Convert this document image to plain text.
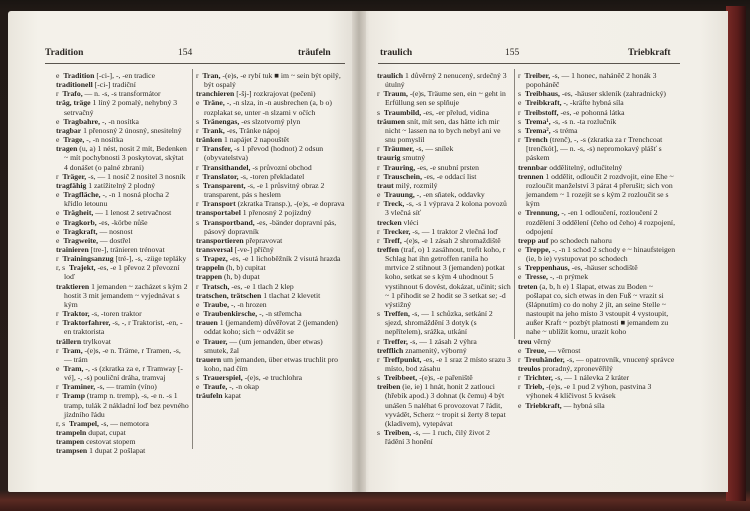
Tradition	154	träufeln

e Tradition [-ci-], -, -en tradice

traditionell [-ci-] tradiční

r Trafo, — n. -s, -s transformátor

träg, träge 1 líný 2 pomalý, nehybný 3 setrvačný

e Tragbahre, -, -n nosítka

tragbar 1 přenosný 2 únosný, snesitelný

e Trage, -, -n nosítka

tragen (u, a) 1 nést, nosit 2 mít, Bedenken ~ mít pochybnosti 3 poskytovat, skýtat 4 donášet (o palné zbrani)

r Träger, -s, — 1 nosič 2 nositel 3 nosník

tragfähig 1 zatížitelný 2 plodný

e Tragfläche, -, -n 1 nosná plocha 2 křídlo letounu

e Trägheit, — 1 lenost 2 setrvačnost

e Tragkorb, -es, -körbe nůše

e Tragkraft, — nosnost

e Tragweite, — dostřel

trainieren [tre-], tränieren trénovat

r Trainingsanzug [tré-], -s, -züge tepláky

r, s Trajekt, -es, -e 1 převoz 2 převozní loď

traktieren 1 jemanden ~ zacházet s kým 2 hostit 3 mit jemandem ~ vyjednávat s kým

r Traktor, -s, -toren traktor

r Traktorfahrer, -s, -, r Traktorist, -en, -en traktorista

trällern trylkovat

r Tram, -(e)s, -e n. Träme, r Tramen, -s, — trám

e Tram, -, -s (zkratka za e, r Tramway [-vé], -, -s) pouliční dráha, tramvaj

r Traminer, -s, — tramín (víno)

r Tramp (tramp n. tremp), -s, -e n. -s 1 tramp, tulák 2 nákladní loď bez pevného jízdního řádu

r, s Trampel, -s, — nemotora

trampeln dupat, cupat

trampen cestovat stopem

trampsen 1 dupat 2 pošlapat

r Tran, -(e)s, -e rybí tuk ■ im ~ sein být opilý, být ospalý

tranchieren [-šj-] rozkrajovat (pečeni)

e Träne, -, -n slza, in -n ausbrechen (a, b o) rozplakat se, unter -n slzami v očích

s Tränengas, -es slzotvorný plyn

r Trank, -es, Tränke nápoj

tränken 1 napájet 2 napouštět

r Transfer, -s 1 převod (hodnot) 2 odsun (obyvatelstva)

r Transithandel, -s průvozní obchod

r Translator, -s, -toren překladatel

s Transparent, -s, -e 1 průsvitný obraz 2 transparent, pás s heslem

r Transport (zkratka Transp.), -(e)s, -e doprava

transportabel 1 přenosný 2 pojízdný

s Transportband, -es, -bänder dopravní pás, pásový dopravník

transportieren přepravovat

transversal [-ve-] příčný

s Trapez, -es, -e 1 lichoběžník 2 visutá hrazda

trappeln (h, b) cupitat

trappen (h, b) dupat

r Tratsch, -es, -e 1 tlach 2 klep

tratschen, trätschen 1 tlachat 2 klevetit

e Traube, -, -n hrozen

e Traubenkirsche, -, -n střemcha

trauen 1 (jemandem) důvěřovat 2 (jemanden) oddat koho; sich ~ odvážit se

e Trauer, — (um jemanden, über etwas) smutek, žal

trauern um jemanden, über etwas truchlit pro koho, nad čím

s Trauerspiel, -(e)s, -e truchlohra

e Traufe, -, -n okap

träufeln kapat

traulich	155	Triebkraft

traulich 1 důvěrný 2 nenucený, srdečný 3 útulný

r Traum, -(e)s, Träume sen, ein ~ geht in Erfüllung sen se splňuje

s Traumbild, -es, -er přelud, vidina

träumen snít, mít sen, das hätte ich mir nicht ~ lassen na to bych nebyl ani ve snu pomyslil

r Träumer, -s, — snílek

traurig smutný

r Trauring, -es, -e snubní prsten

r Trauschein, -es, -e oddací list

traut milý, rozmilý

e Trauung, -, -en sňatek, oddavky

r Treck, -s, -s 1 výprava 2 kolona povozů 3 vlečná síť

trecken vléci

r Trecker, -s, — 1 traktor 2 vlečná loď

r Treff, -(e)s, -e 1 zásah 2 shromaždiště

treffen (traf, o) 1 zasáhnout, trefit koho, r Schlag hat ihn getroffen ranila ho mrtvice 2 stihnout 3 (jemanden) potkat koho, setkat se s kým 4 uhodnout 5 vystihnout 6 dovést, dokázat, učinit; sich ~ 1 přihodit se 2 hodit se 3 setkat se; -d výstižný

s Treffen, -s, — 1 schůzka, setkání 2 sjezd, shromáždění 3 dotyk (s nepřítelem), srážka, utkání

r Treffer, -s, — 1 zásah 2 výhra

trefflich znamenitý, výborný

r Treffpunkt, -es, -e 1 sraz 2 místo srazu 3 místo, bod zásahu

s Treibbeet, -(e)s, -e pařeniště

treiben (ie, ie) 1 hnát, honit 2 zatlouci (hřebík apod.) 3 dohnat (k čemu) 4 být unášen 5 naléhat 6 provozovat 7 řádit, vyvádět, Scherz ~ tropit si žerty 8 tepat (kladivem), vytepávat

s Treiben, -s, — 1 ruch, čilý život 2 řádění 3 honění

r Treiber, -s, — 1 honec, naháněč 2 honák 3 popoháněč

s Treibhaus, -es, -häuser skleník (zahradnický)

e Treibkraft, -, -kräfte hybná síla

r Treibstoff, -es, -e pohonná látka

s Trema¹, -s, -s n. -ta rozlučník

s Trema², -s tréma

r Trench (trenč), -, -s (zkratka za r Trenchcoat [trenčkót], — n. -s, -s) nepromokavý plášť s páskem

trennbar oddělitelný, odlučitelný

trennen 1 oddělit, odloučit 2 rozdvojit, eine Ehe ~ rozloučit manželství 3 párat 4 přerušit; sich von jemandem ~ 1 rozejít se s kým 2 rozloučit se s kým

e Trennung, -, -en 1 odloučení, rozloučení 2 rozdělení 3 oddělení (čeho od čeho) 4 rozpojení, odpojení

trepp auf po schodech nahoru

e Treppe, -, -n 1 schod 2 schody e ~ hinaufsteigen (ie, b ie) vystupovat po schodech

s Treppenhaus, -es, -häuser schodiště

e Tresse, -, -n prýmek

treten (a, b, h e) 1 šlapat, etwas zu Boden ~ pošlapat co, sich etwas in den Fuß ~ vrazit si (šlápnutím) co do nohy 2 jít, an seine Stelle ~ nastoupit na jeho místo 3 vstoupit 4 vystoupit, außer Kraft ~ pozbýt platnosti ■ jemandem zu nahe ~ ublížit komu, urazit koho

treu věrný

e Treue, — věrnost

r Treuhänder, -s, — opatrovník, vnucený správce

treulos proradný, zpronevěřilý

r Trichter, -s, — 1 nálevka 2 kráter

r Trieb, -(e)s, -e 1 pud 2 výhon, pastvina 3 výhonek 4 klíčivost 5 kvásek

e Triebkraft, — hybná síla
